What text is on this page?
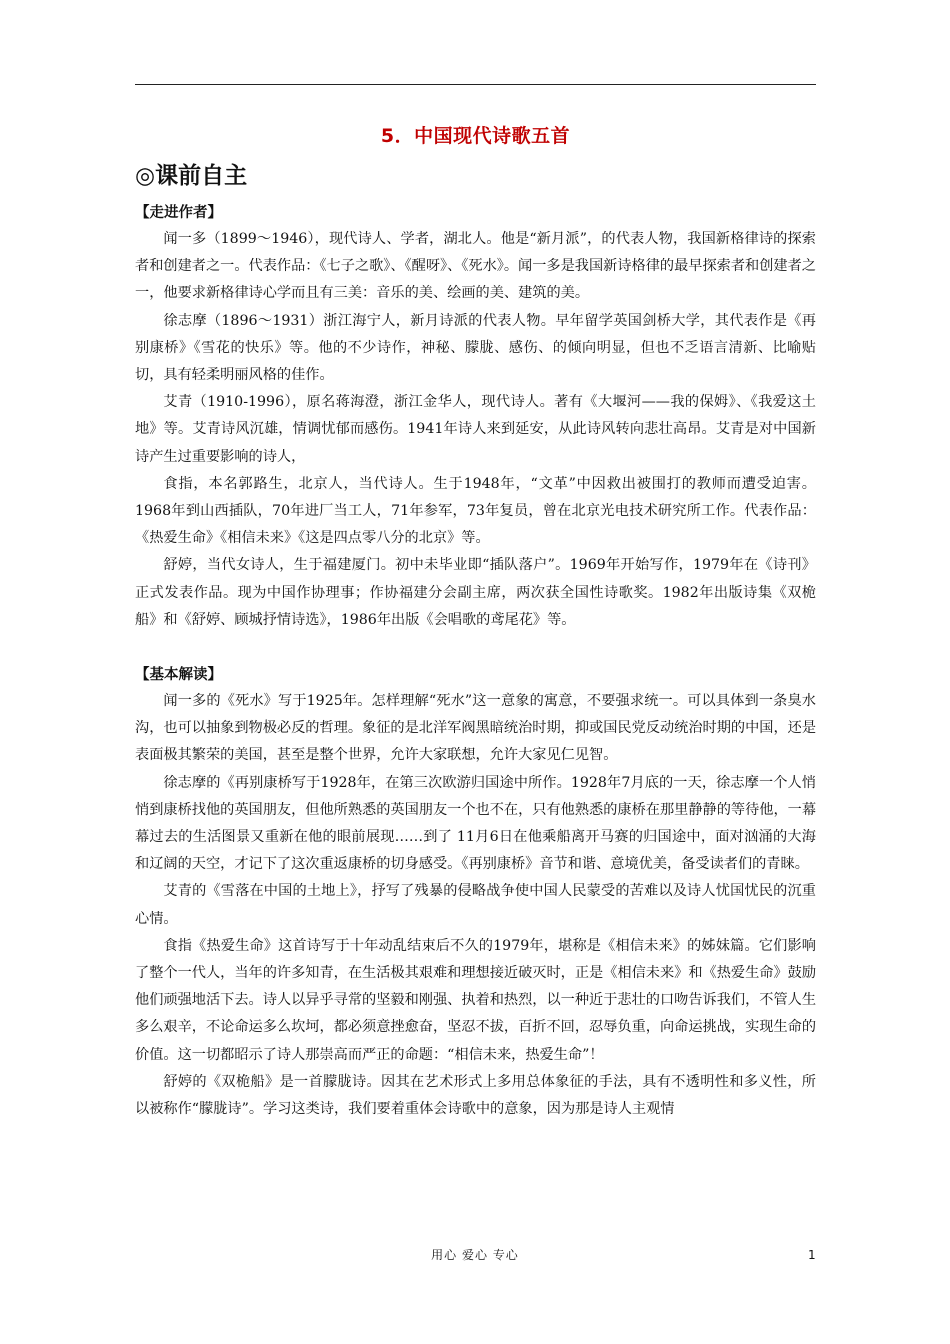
5．中国现代诗歌五首
◎课前自主
【走进作者】

闻一多（1899～1946），现代诗人、学者，湖北人。他是“新月派”，的代表人物，我国新格律诗的探索者和创建者之一。代表作品：《七子之歌》、《醒呀》、《死水》。闻一多是我国新诗格律的最早探索者和创建者之一，他要求新格律诗心学而且有三美：音乐的美、绘画的美、建筑的美。

徐志摩（1896～1931）浙江海宁人，新月诗派的代表人物。早年留学英国剑桥大学，其代表作是《再别康桥》《雪花的快乐》等。他的不少诗作，神秘、朦胧、感伤、的倾向明显，但也不乏语言清新、比喻贴切，具有轻柔明丽风格的佳作。

艾青（1910-1996），原名蒋海澄，浙江金华人，现代诗人。著有《大堰河——我的保姆》、《我爱这土地》等。艾青诗风沉雄，情调忧郁而感伤。1941年诗人来到延安，从此诗风转向悲壮高昂。艾青是对中国新诗产生过重要影响的诗人，

食指，本名郭路生，北京人，当代诗人。生于1948年，“文革”中因救出被围打的教师而遭受迫害。1968年到山西插队，70年进厂当工人，71年参军，73年复员，曾在北京光电技术研究所工作。代表作品：《热爱生命》《相信未来》《这是四点零八分的北京》等。

舒婷，当代女诗人，生于福建厦门。初中未毕业即“插队落户”。1969年开始写作，1979年在《诗刊》正式发表作品。现为中国作协理事；作协福建分会副主席，两次获全国性诗歌奖。1982年出版诗集《双桅船》和《舒婷、顾城抒情诗选》，1986年出版《会唱歌的鸢尾花》等。

【基本解读】

闻一多的《死水》写于1925年。怎样理解“死水”这一意象的寓意，不要强求统一。可以具体到一条臭水沟，也可以抽象到物极必反的哲理。象征的是北洋军阀黑暗统治时期，抑或国民党反动统治时期的中国，还是表面极其繁荣的美国，甚至是整个世界，允许大家联想，允许大家见仁见智。

徐志摩的《再别康桥写于1928年，在第三次欧游归国途中所作。1928年7月底的一天，徐志摩一个人悄悄到康桥找他的英国朋友，但他所熟悉的英国朋友一个也不在，只有他熟悉的康桥在那里静静的等待他，一幕幕过去的生活图景又重新在他的眼前展现……到了 11月6日在他乘船离开马赛的归国途中，面对汹涌的大海和辽阔的天空，才记下了这次重返康桥的切身感受。《再别康桥》音节和谐、意境优美，备受读者们的青睐。

艾青的《雪落在中国的土地上》，抒写了残暴的侵略战争使中国人民蒙受的苦难以及诗人忧国忧民的沉重心情。

食指《热爱生命》这首诗写于十年动乱结束后不久的1979年，堪称是《相信未来》的姊妹篇。它们影响了整个一代人，当年的许多知青，在生活极其艰难和理想接近破灭时，正是《相信未来》和《热爱生命》鼓励他们顽强地活下去。诗人以异乎寻常的坚毅和刚强、执着和热烈，以一种近于悲壮的口吻告诉我们，不管人生多么艰辛，不论命运多么坎坷，都必须意挫愈奋，坚忍不拔，百折不回，忍辱负重，向命运挑战，实现生命的价值。这一切都昭示了诗人那崇高而严正的命题：“相信未来，热爱生命”！

舒婷的《双桅船》是一首朦胧诗。因其在艺术形式上多用总体象征的手法，具有不透明性和多义性，所以被称作“朦胧诗”。学习这类诗，我们要着重体会诗歌中的意象，因为那是诗人主观情

用心 爱心 专心	1
